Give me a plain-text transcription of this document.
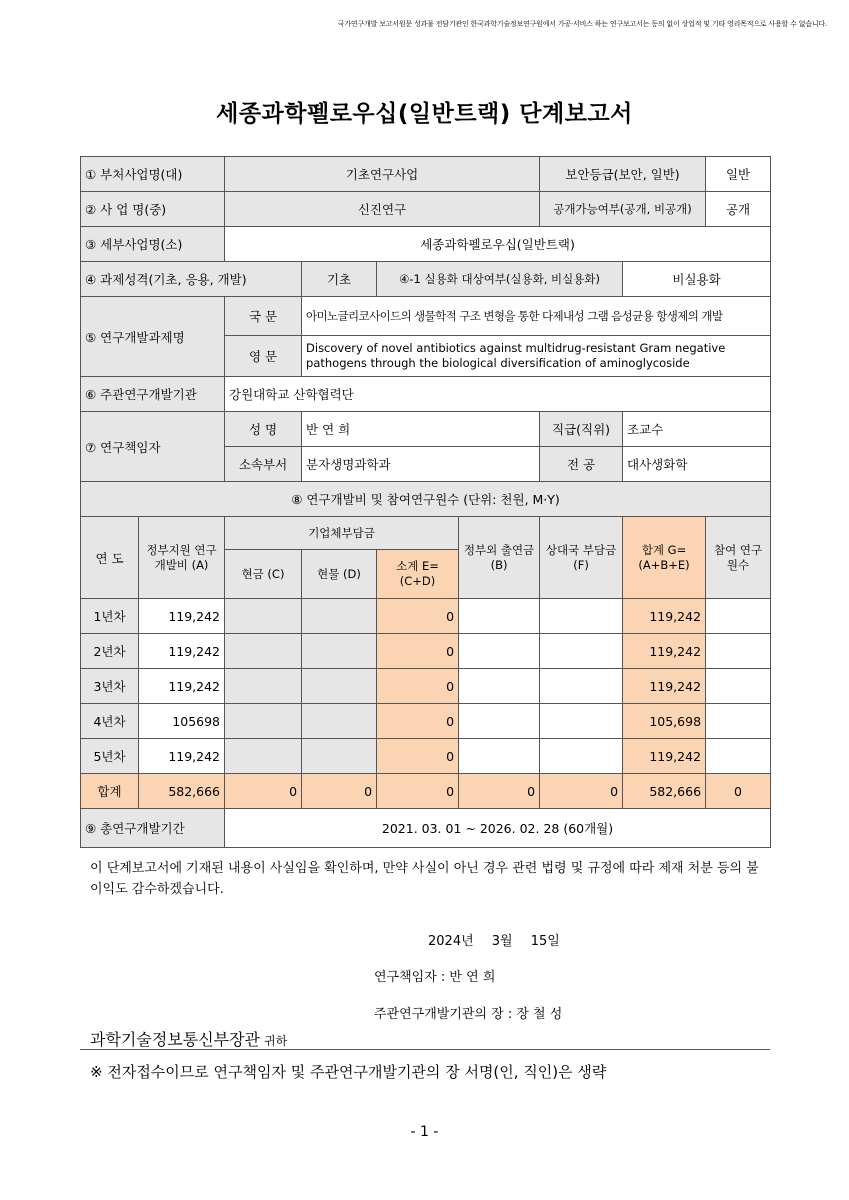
국가연구개발 보고서원문 성과물 전담기관인 한국과학기술정보연구원에서 가공·서비스 하는 연구보고서는 동의 없이 상업적 및 기타 영리목적으로 사용할 수 없습니다.
세종과학펠로우십(일반트랙) 단계보고서
① 부처사업명(대)		기초연구사업				보안등급(보안, 일반)		일반
② 사 업 명(중)		신진연구				공개가능여부(공개, 비공개)		공개
③ 세부사업명(소)		세종과학펠로우십(일반트랙)						
④ 과제성격(기초, 응용, 개발)			기초	④-1 실용화 대상여부(실용화, 비실용화)			비실용화	
⑤ 연구개발과제명		국 문	아미노글리코사이드의 생물학적 구조 변형을 통한 다제내성 그램 음성균용 항생제의 개발					
		영 문	Discovery of novel antibiotics against multidrug-resistant Gram negative pathogens through the biological diversification of aminoglycoside					
⑥ 주관연구개발기관		강원대학교 산학협력단						
⑦ 연구책임자		성 명	반 연 희			직급(직위)	조교수	
		소속부서	분자생명과학과			전 공	대사생화학	
⑧ 연구개발비 및 참여연구원수 (단위: 천원, M·Y)								
연 도	정부지원 연구개발비 (A)	기업체부담금			정부외 출연금 (B)	상대국 부담금 (F)	합계 G=(A+B+E)	참여 연구원수
		현금 (C)	현물 (D)	소계 E=(C+D)				
1년차	119,242			0			119,242	
2년차	119,242			0			119,242	
3년차	119,242			0			119,242	
4년차	105698			0			105,698	
5년차	119,242			0			119,242	
합계	582,666	0	0	0	0	0	582,666	0
⑨ 총연구개발기간		2021. 03. 01 ~ 2026. 02. 28 (60개월)						
이 단계보고서에 기재된 내용이 사실임을 확인하며, 만약 사실이 아닌 경우 관련 법령 및 규정에 따라 제재 처분 등의 불이익도 감수하겠습니다.
2024년 3월 15일
연구책임자 : 반 연 희
주관연구개발기관의 장 : 장 철 성
과학기술정보통신부장관 귀하
※ 전자접수이므로 연구책임자 및 주관연구개발기관의 장 서명(인, 직인)은 생략
- 1 -
